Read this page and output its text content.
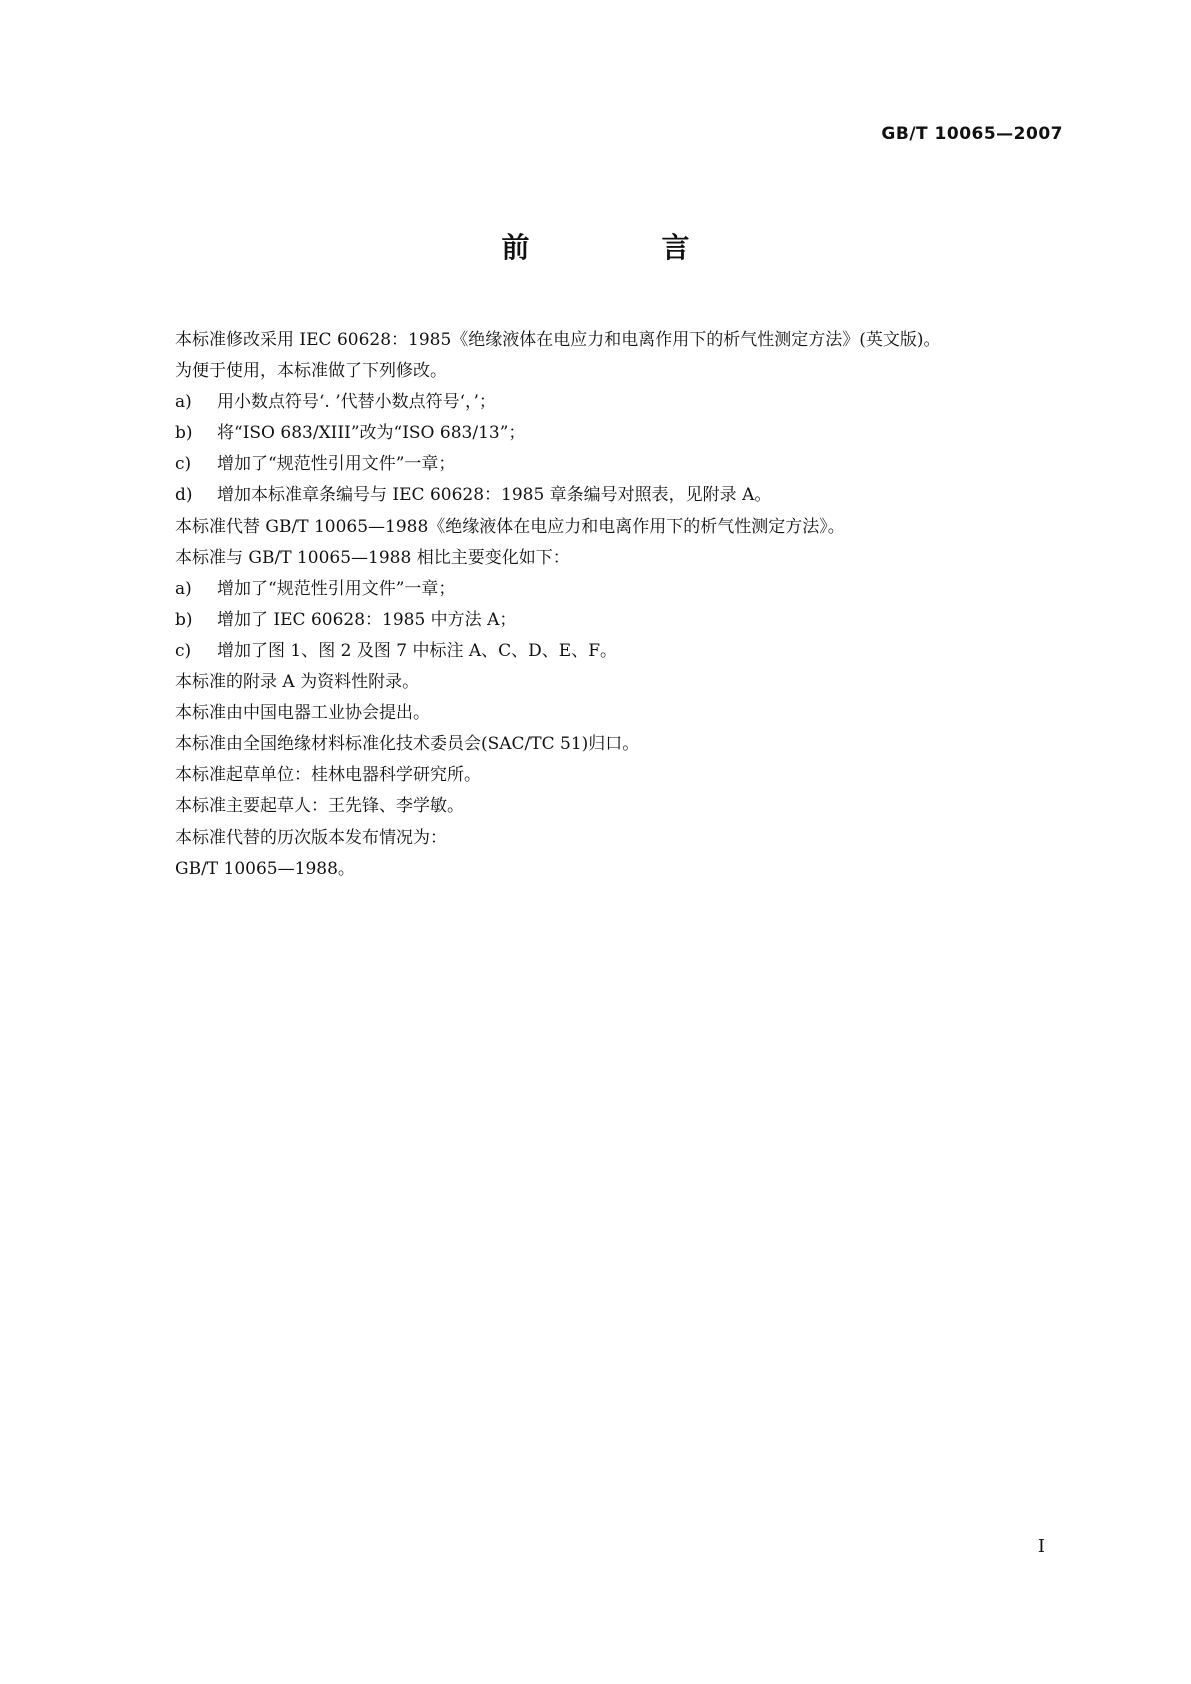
GB/T 10065—2007
前　言
本标准修改采用 IEC 60628：1985《绝缘液体在电应力和电离作用下的析气性测定方法》(英文版)。
为便于使用，本标准做了下列修改。
a)	用小数点符号‘. ’代替小数点符号‘，’；
b)	将“ISO 683/XIII”改为“ISO 683/13”；
c)	增加了“规范性引用文件”一章；
d)	增加本标准章条编号与 IEC 60628：1985 章条编号对照表，见附录 A。
本标准代替 GB/T 10065—1988《绝缘液体在电应力和电离作用下的析气性测定方法》。
本标准与 GB/T 10065—1988 相比主要变化如下：
a)	增加了“规范性引用文件”一章；
b)	增加了 IEC 60628：1985 中方法 A；
c)	增加了图 1、图 2 及图 7 中标注 A、C、D、E、F。
本标准的附录 A 为资料性附录。
本标准由中国电器工业协会提出。
本标准由全国绝缘材料标准化技术委员会(SAC/TC 51)归口。
本标准起草单位：桂林电器科学研究所。
本标准主要起草人：王先锋、李学敏。
本标准代替的历次版本发布情况为：
GB/T 10065—1988。
I
